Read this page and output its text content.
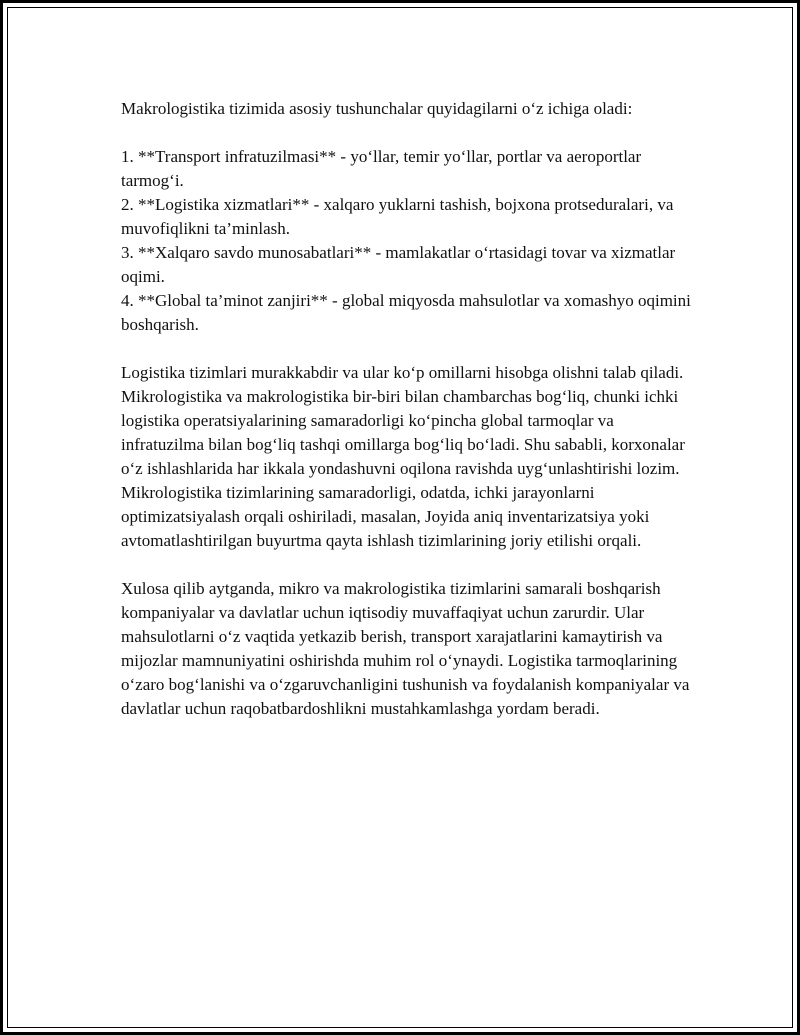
Makrologistika tizimida asosiy tushunchalar quyidagilarni o‘z ichiga oladi:

1. **Transport infratuzilmasi** - yo‘llar, temir yo‘llar, portlar va aeroportlar tarmog‘i.

2. **Logistika xizmatlari** - xalqaro yuklarni tashish, bojxona protseduralari, va muvofiqlikni ta’minlash.

3. **Xalqaro savdo munosabatlari** - mamlakatlar o‘rtasidagi tovar va xizmatlar oqimi.

4. **Global ta’minot zanjiri** - global miqyosda mahsulotlar va xomashyo oqimini boshqarish.

Logistika tizimlari murakkabdir va ular ko‘p omillarni hisobga olishni talab qiladi. Mikrologistika va makrologistika bir-biri bilan chambarchas bog‘liq, chunki ichki logistika operatsiyalarining samaradorligi ko‘pincha global tarmoqlar va infratuzilma bilan bog‘liq tashqi omillarga bog‘liq bo‘ladi. Shu sababli, korxonalar o‘z ishlashlarida har ikkala yondashuvni oqilona ravishda uyg‘unlashtirishi lozim. Mikrologistika tizimlarining samaradorligi, odatda, ichki jarayonlarni optimizatsiyalash orqali oshiriladi, masalan, Joyida aniq inventarizatsiya yoki avtomatlashtirilgan buyurtma qayta ishlash tizimlarining joriy etilishi orqali.

Xulosa qilib aytganda, mikro va makrologistika tizimlarini samarali boshqarish kompaniyalar va davlatlar uchun iqtisodiy muvaffaqiyat uchun zarurdir. Ular mahsulotlarni o‘z vaqtida yetkazib berish, transport xarajatlarini kamaytirish va mijozlar mamnuniyatini oshirishda muhim rol o‘ynaydi. Logistika tarmoqlarining o‘zaro bog‘lanishi va o‘zgaruvchanligini tushunish va foydalanish kompaniyalar va davlatlar uchun raqobatbardoshlikni mustahkamlashga yordam beradi.
